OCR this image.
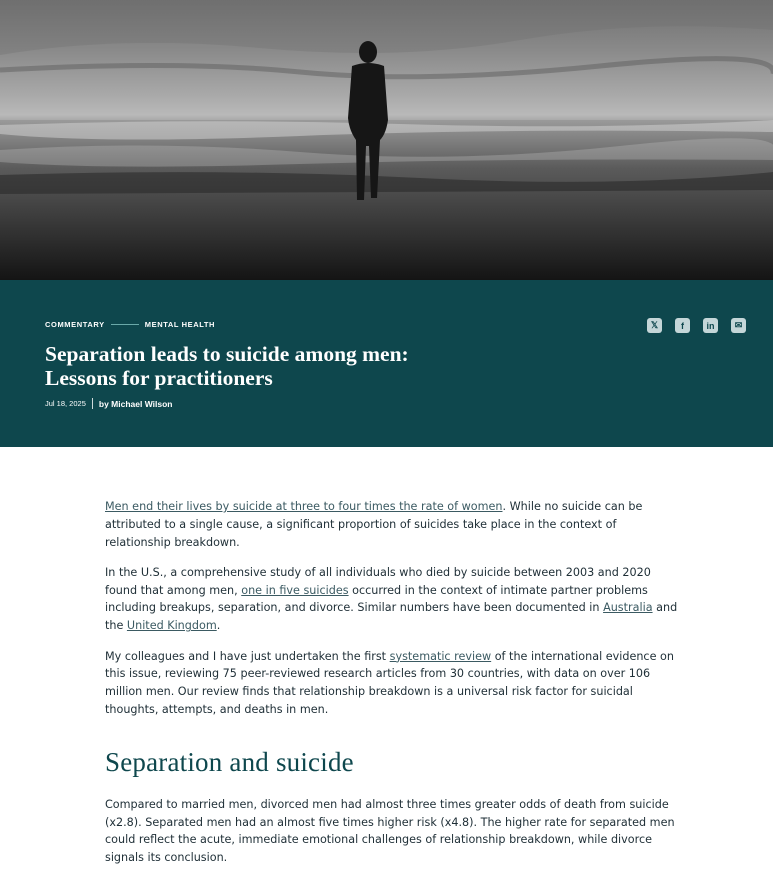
COMMENTARY	MENTAL HEALTH
Separation leads to suicide among men: Lessons for practitioners
Jul 18, 2025 by Michael Wilson
𝕏	f	in	✉

Men end their lives by suicide at three to four times the rate of women. While no suicide can be attributed to a single cause, a significant proportion of suicides take place in the context of relationship breakdown.

In the U.S., a comprehensive study of all individuals who died by suicide between 2003 and 2020 found that among men, one in five suicides occurred in the context of intimate partner problems including breakups, separation, and divorce. Similar numbers have been documented in Australia and the United Kingdom.

My colleagues and I have just undertaken the first systematic review of the international evidence on this issue, reviewing 75 peer-reviewed research articles from 30 countries, with data on over 106 million men. Our review finds that relationship breakdown is a universal risk factor for suicidal thoughts, attempts, and deaths in men.

Separation and suicide

Compared to married men, divorced men had almost three times greater odds of death from suicide (x2.8). Separated men had an almost five times higher risk (x4.8). The higher rate for separated men could reflect the acute, immediate emotional challenges of relationship breakdown, while divorce signals its conclusion.
